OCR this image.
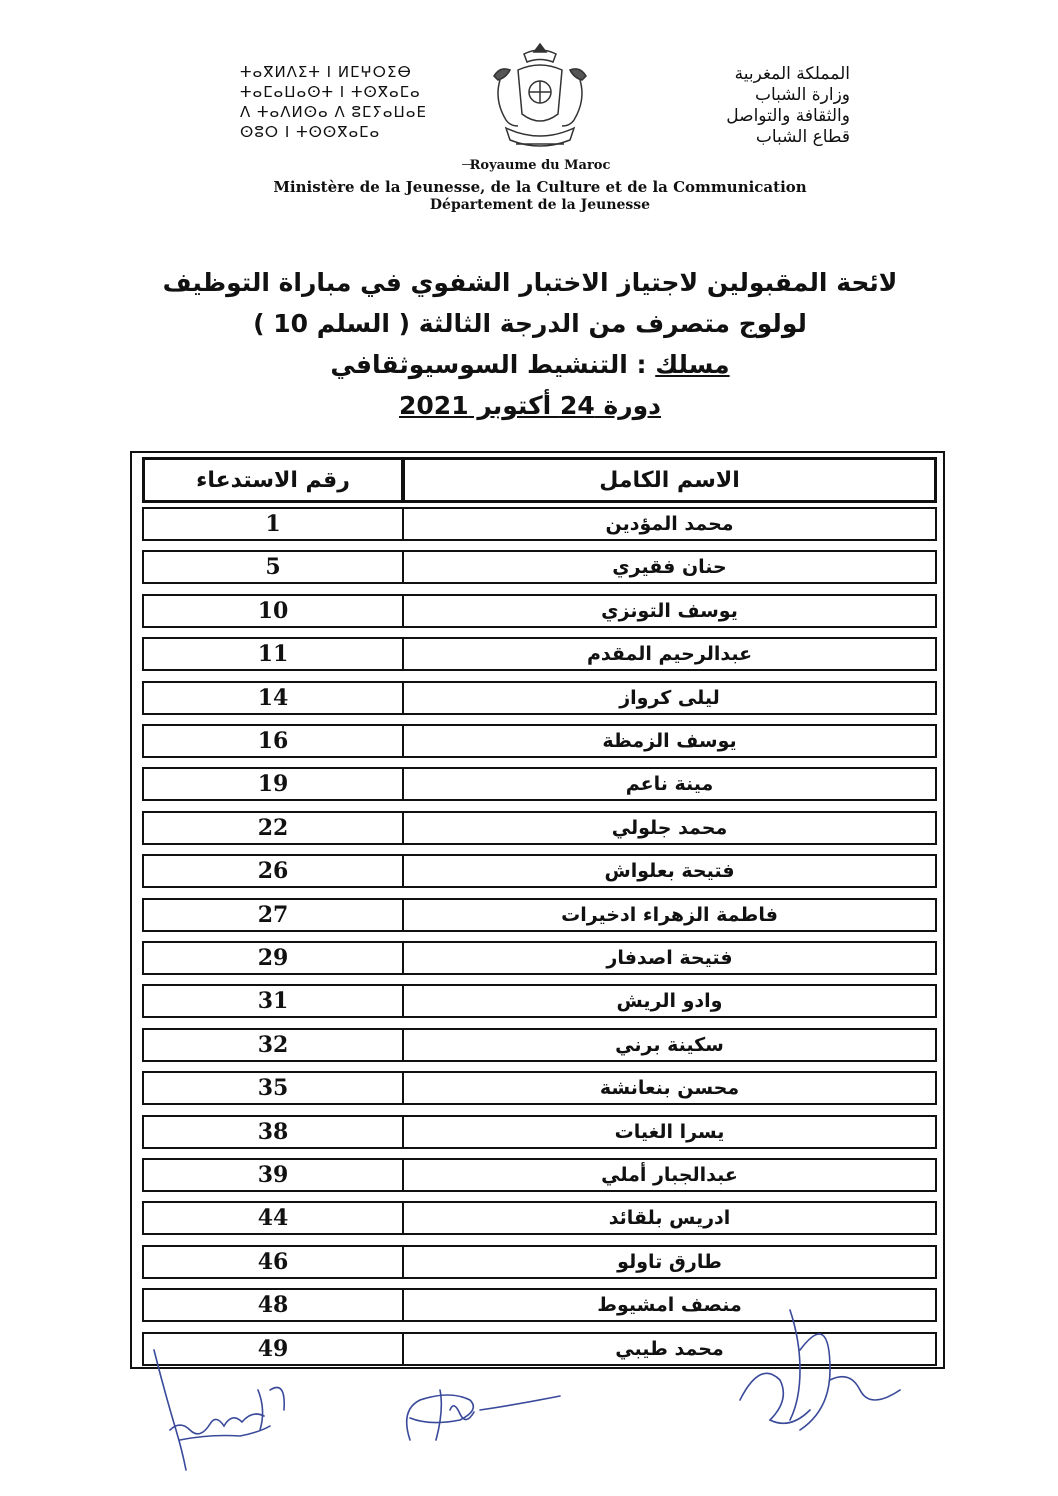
ⵜⴰⴳⵍⴷⵉⵜ ⵏ ⵍⵎⵖⵔⵉⴱ
ⵜⴰⵎⴰⵡⴰⵙⵜ ⵏ ⵜⵙⴳⴰⵎⴰ
ⴷ ⵜⴰⴷⵍⵙⴰ ⴷ ⵓⵎⵢⴰⵡⴰⴹ
ⵙⵓⵔ ⵏ ⵜⵙⵙⴳⴰⵎⴰ
المملكة المغربية
وزارة الشباب
والثقافة والتواصل
قطاع الشباب
Royaume du Maroc
Ministère de la Jeunesse, de la Culture et de la Communication
Département de la Jeunesse
لائحة المقبولين لاجتياز الاختبار الشفوي في مباراة التوظيف
لولوج متصرف من الدرجة الثالثة ( السلم 10 )
مسلك : التنشيط السوسيوثقافي
دورة 24 أكتوبر 2021
رقم الاستدعاء	الاسم الكامل
1	محمد المؤدين
5	حنان فقيري
10	يوسف التونزي
11	عبدالرحيم المقدم
14	ليلى كرواز
16	يوسف الزمظة
19	مينة ناعم
22	محمد جلولي
26	فتيحة بعلواش
27	فاطمة الزهراء ادخيرات
29	فتيحة اصدفار
31	وادو الريش
32	سكينة برني
35	محسن بنعانشة
38	يسرا الغيات
39	عبدالجبار أملي
44	ادريس بلقائد
46	طارق تاولو
48	منصف امشيوط
49	محمد طيبي
